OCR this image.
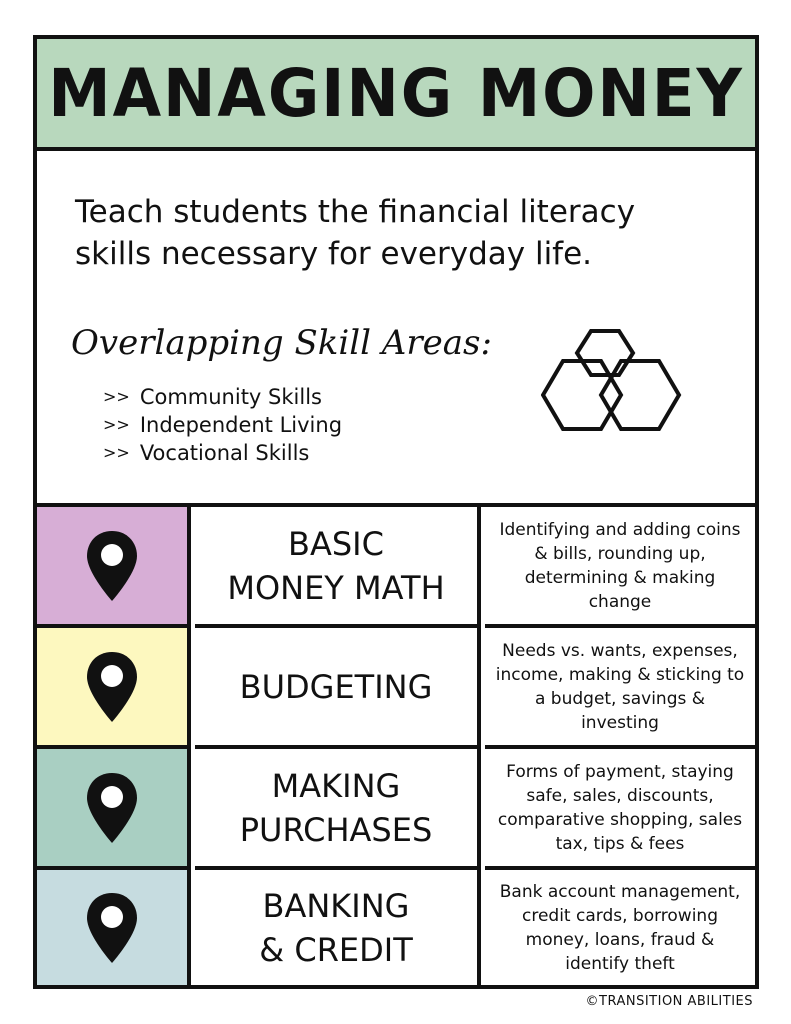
MANAGING MONEY
Teach students the financial literacy skills necessary for everyday life.
Overlapping Skill Areas:
>> Community Skills
>> Independent Living
>> Vocational Skills
BASIC
MONEY MATH
Identifying and adding coins & bills, rounding up, determining & making change
BUDGETING
Needs vs. wants, expenses, income, making & sticking to a budget, savings & investing
MAKING
PURCHASES
Forms of payment, staying safe, sales, discounts, comparative shopping, sales tax, tips & fees
BANKING
& CREDIT
Bank account management, credit cards, borrowing money, loans, fraud & identify theft
©TRANSITION ABILITIES
